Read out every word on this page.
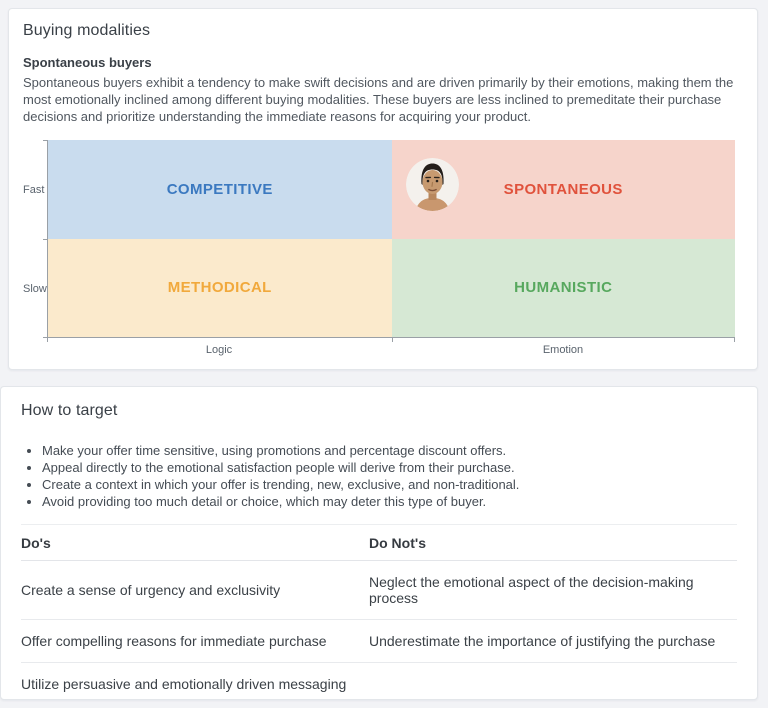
Buying modalities
Spontaneous buyers

Spontaneous buyers exhibit a tendency to make swift decisions and are driven primarily by their emotions, making them the most emotionally inclined among different buying modalities. These buyers are less inclined to premeditate their purchase decisions and prioritize understanding the immediate reasons for acquiring your product.

Fast
Slow
COMPETITIVE	SPONTANEOUS
METHODICAL	HUMANISTIC
Logic	Emotion
How to target
• Make your offer time sensitive, using promotions and percentage discount offers.
• Appeal directly to the emotional satisfaction people will derive from their purchase.
• Create a context in which your offer is trending, new, exclusive, and non-traditional.
• Avoid providing too much detail or choice, which may deter this type of buyer.
Do's	Do Not's
Create a sense of urgency and exclusivity	Neglect the emotional aspect of the decision-making process
Offer compelling reasons for immediate purchase	Underestimate the importance of justifying the purchase
Utilize persuasive and emotionally driven messaging	
